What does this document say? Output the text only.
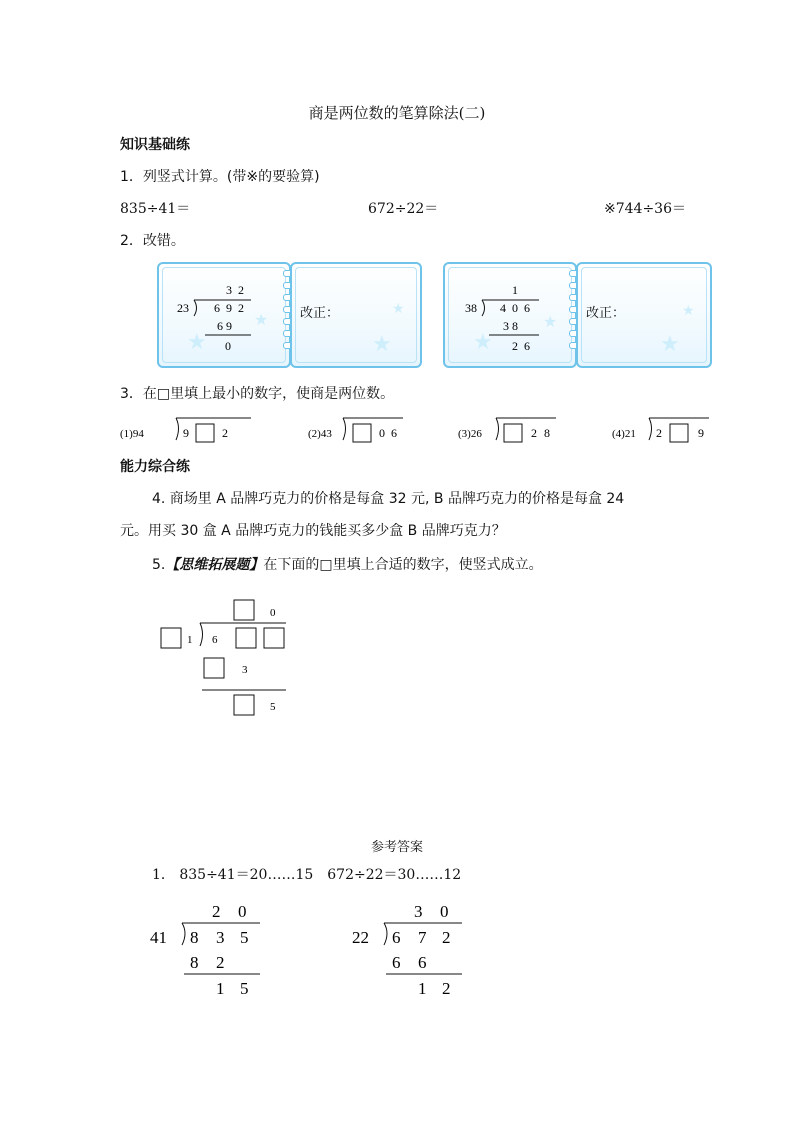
商是两位数的笔算除法(二)
知识基础练
1．列竖式计算。(带※的要验算)
835÷41＝	672÷22＝	※744÷36＝
2．改错。
★
★
23
3 2
6 9 2
6 9
0	★
★
改正：
★
★
38
1
4 0 6
3 8
2 6	★
★
改正：
3．在□里填上最小的数字，使商是两位数。
(1)94	9	2	(2)43	0 6	(3)26	2 8	(4)21 2	9
能力综合练
4. 商场里 A 品牌巧克力的价格是每盒 32 元, B 品牌巧克力的价格是每盒 24
元。用买 30 盒 A 品牌巧克力的钱能买多少盒 B 品牌巧克力？
5.【思维拓展题】在下面的□里填上合适的数字，使竖式成立。
0
1 6
3
5
参考答案
1． 835÷41＝20……15　672÷22＝30……12
2 0
41 8 3 5
8 2
1 5
3 0
22 6 7 2
6 6
1 2
